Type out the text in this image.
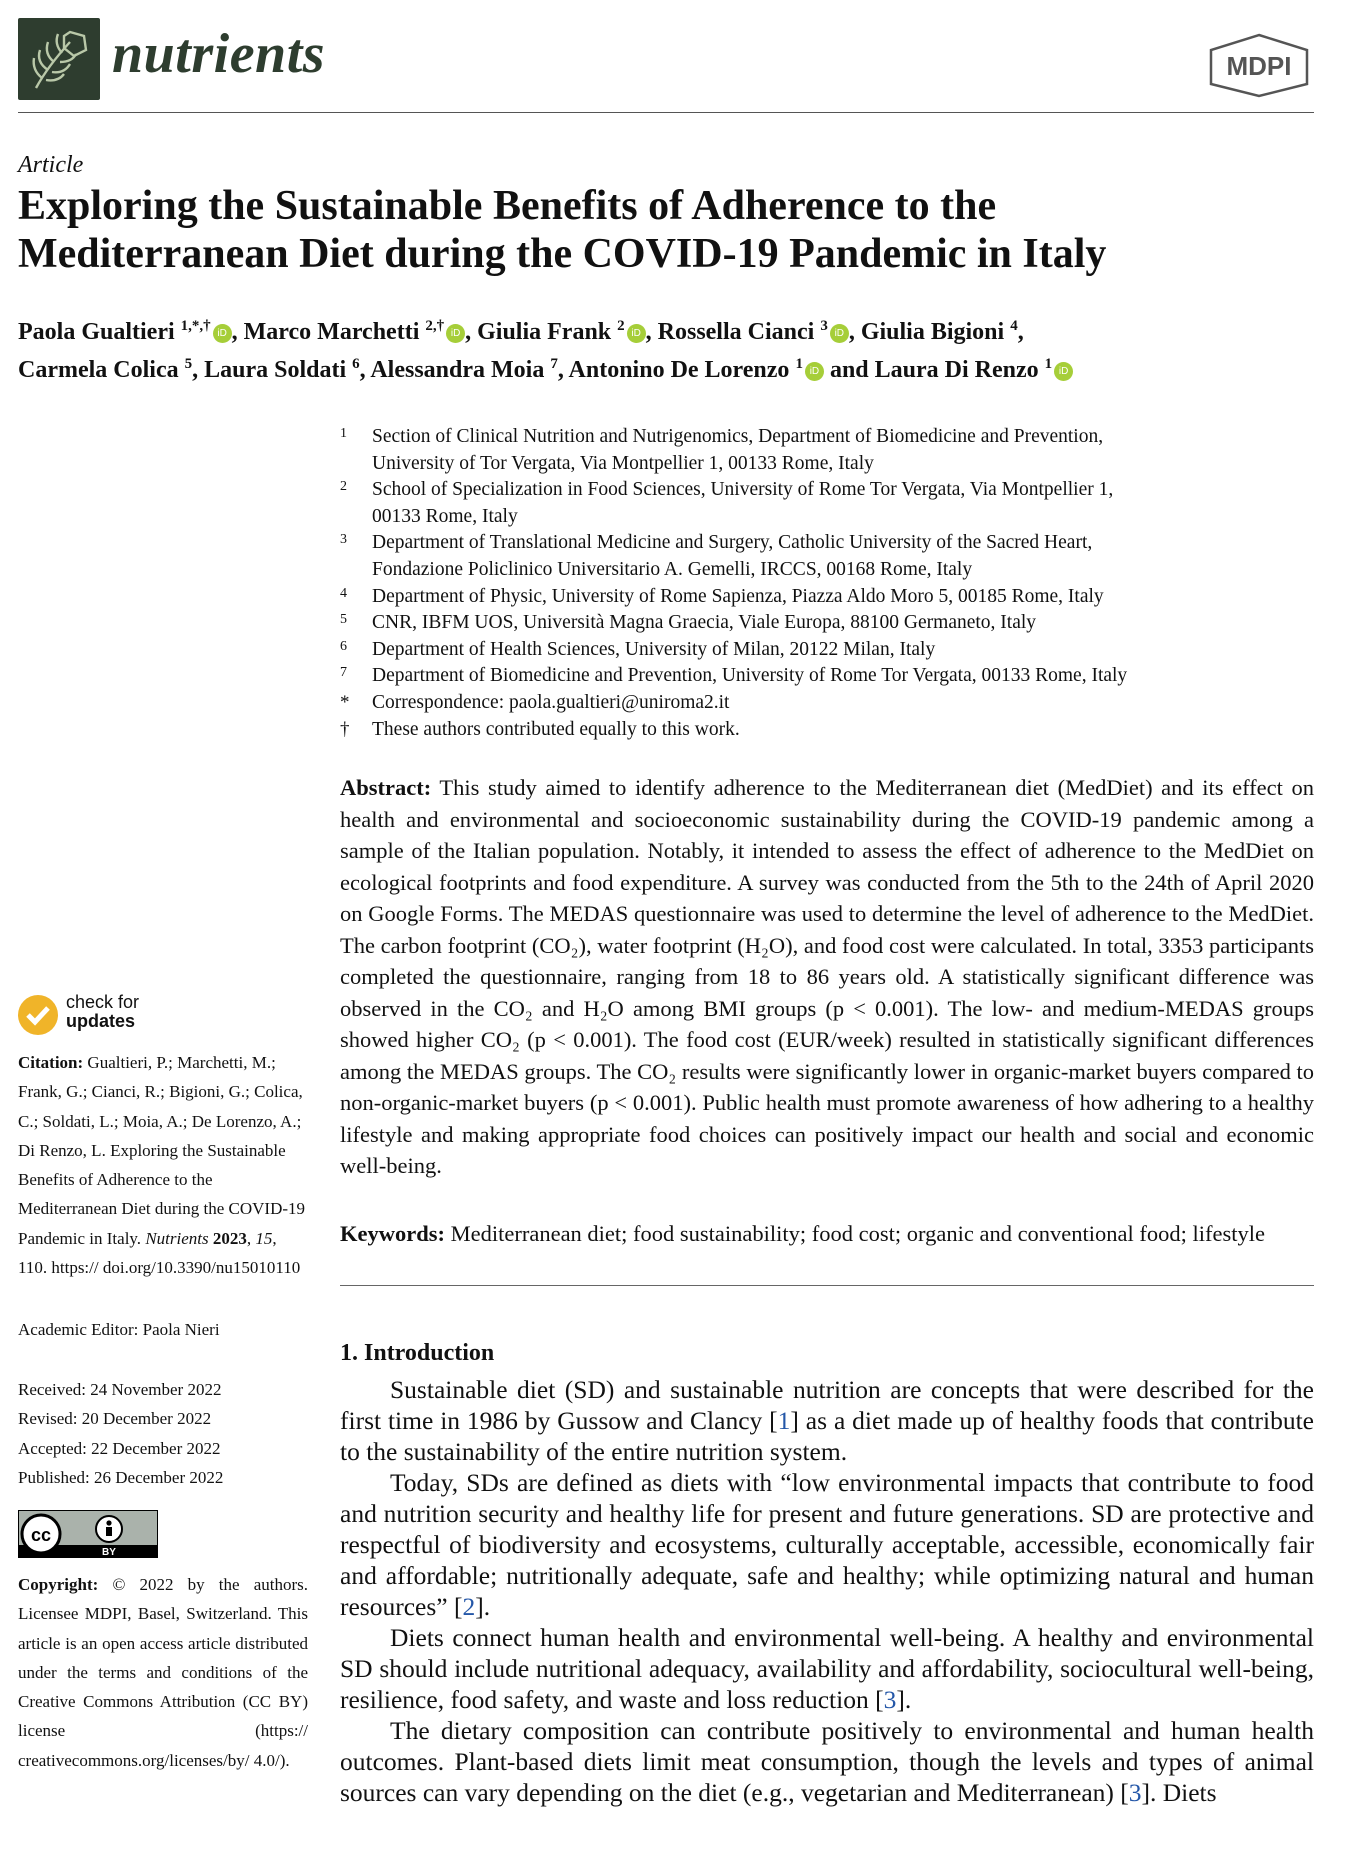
nutrients	MDPI
Article
Exploring the Sustainable Benefits of Adherence to the
Mediterranean Diet during the COVID-19 Pandemic in Italy
Paola Gualtieri $^{1,*,\dagger}$ iD , Marco Marchetti $^{2,\dagger}$ iD , Giulia Frank $^2$ iD , Rossella Cianci $^3$ iD , Giulia Bigioni $^4$,
Carmela Colica $^5$, Laura Soldati $^6$, Alessandra Moia $^7$, Antonino De Lorenzo $^1$ iD and Laura Di Renzo $^1$ iD
1 Section of Clinical Nutrition and Nutrigenomics, Department of Biomedicine and Prevention,
University of Tor Vergata, Via Montpellier 1, 00133 Rome, Italy
2 School of Specialization in Food Sciences, University of Rome Tor Vergata, Via Montpellier 1,
00133 Rome, Italy
3 Department of Translational Medicine and Surgery, Catholic University of the Sacred Heart,
Fondazione Policlinico Universitario A. Gemelli, IRCCS, 00168 Rome, Italy
4 Department of Physic, University of Rome Sapienza, Piazza Aldo Moro 5, 00185 Rome, Italy
5 CNR, IBFM UOS, Università Magna Graecia, Viale Europa, 88100 Germaneto, Italy
6 Department of Health Sciences, University of Milan, 20122 Milan, Italy
7 Department of Biomedicine and Prevention, University of Rome Tor Vergata, 00133 Rome, Italy
* Correspondence: paola.gualtieri@uniroma2.it
† These authors contributed equally to this work.
Abstract: This study aimed to identify adherence to the Mediterranean diet (MedDiet) and its effect on health and environmental and socioeconomic sustainability during the COVID-19 pandemic among a sample of the Italian population. Notably, it intended to assess the effect of adherence to the MedDiet on ecological footprints and food expenditure. A survey was conducted from the 5th to the 24th of April 2020 on Google Forms. The MEDAS questionnaire was used to determine the level of adherence to the MedDiet. The carbon footprint (CO₂), water footprint (H₂O), and food cost were calculated. In total, 3353 participants completed the questionnaire, ranging from 18 to 86 years old. A statistically significant difference was observed in the CO₂ and H₂O among BMI groups (p < 0.001). The low- and medium-MEDAS groups showed higher CO₂ (p < 0.001). The food cost (EUR/week) resulted in statistically significant differences among the MEDAS groups. The CO₂ results were significantly lower in organic-market buyers compared to non-organic-market buyers (p < 0.001). Public health must promote awareness of how adhering to a healthy lifestyle and making appropriate food choices can positively impact our health and social and economic well-being.
Keywords: Mediterranean diet; food sustainability; food cost; organic and conventional food; lifestyle
1. Introduction

Sustainable diet (SD) and sustainable nutrition are concepts that were described for the first time in 1986 by Gussow and Clancy [1] as a diet made up of healthy foods that contribute to the sustainability of the entire nutrition system.

Today, SDs are defined as diets with “low environmental impacts that contribute to food and nutrition security and healthy life for present and future generations. SD are protective and respectful of biodiversity and ecosystems, culturally acceptable, accessible, economically fair and affordable; nutritionally adequate, safe and healthy; while optimizing natural and human resources” [2].

Diets connect human health and environmental well-being. A healthy and environmental SD should include nutritional adequacy, availability and affordability, sociocultural well-being, resilience, food safety, and waste and loss reduction [3].

The dietary composition can contribute positively to environmental and human health outcomes. Plant-based diets limit meat consumption, though the levels and types of animal sources can vary depending on the diet (e.g., vegetarian and Mediterranean) [3]. Diets

check for
updates
Citation: Gualtieri, P.; Marchetti, M.; Frank, G.; Cianci, R.; Bigioni, G.; Colica, C.; Soldati, L.; Moia, A.; De Lorenzo, A.; Di Renzo, L. Exploring the Sustainable Benefits of Adherence to the Mediterranean Diet during the COVID-19 Pandemic in Italy. Nutrients 2023, 15, 110. https:// doi.org/10.3390/nu15010110
Academic Editor: Paola Nieri
Received: 24 November 2022
Revised: 20 December 2022
Accepted: 22 December 2022
Published: 26 December 2022
cc
BY
Copyright: © 2022 by the authors. Licensee MDPI, Basel, Switzerland. This article is an open access article distributed under the terms and conditions of the Creative Commons Attribution (CC BY) license (https:// creativecommons.org/licenses/by/ 4.0/).
